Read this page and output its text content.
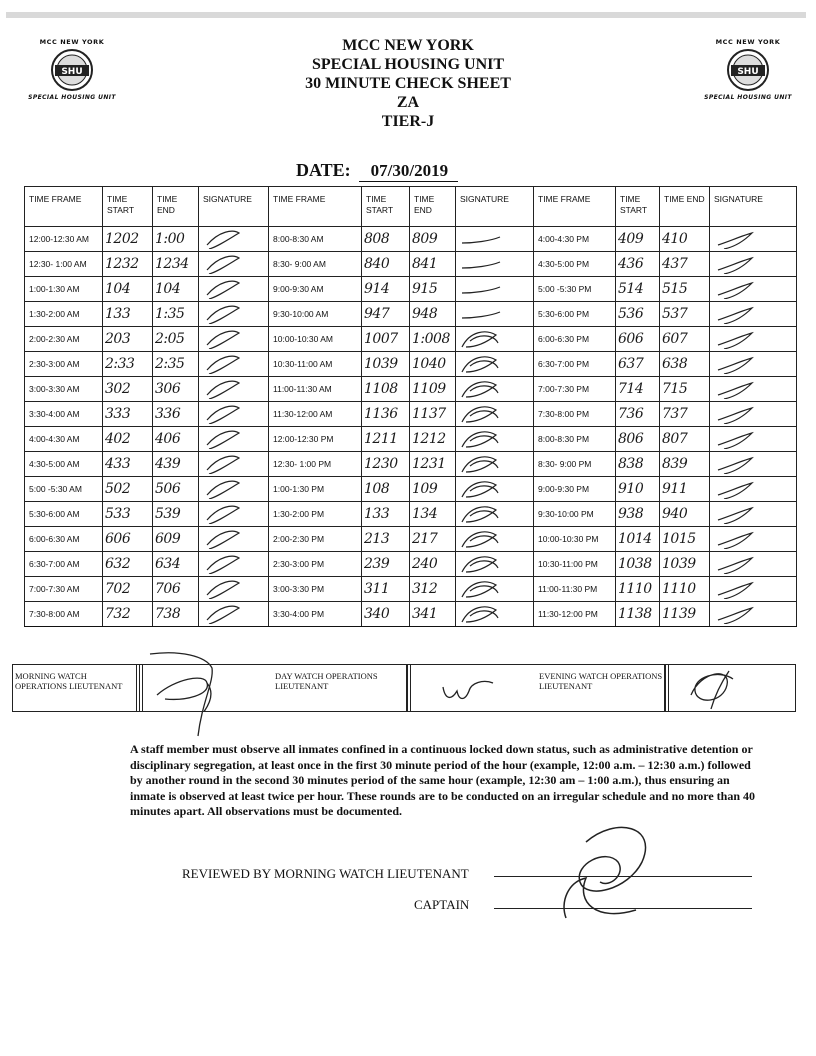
MCC NEW YORK
SHU
SPECIAL HOUSING UNIT
MCC NEW YORK
SHU
SPECIAL HOUSING UNIT
MCC NEW YORK
SPECIAL HOUSING UNIT
30 MINUTE CHECK SHEET
ZA
TIER-J
DATE: 07/30/2019
TIME FRAME	TIME START	TIME END	SIGNATURE	TIME FRAME	TIME START	TIME END	SIGNATURE	TIME FRAME	TIME START	TIME END	SIGNATURE
12:00-12:30 AM	1202	1:00		8:00-8:30 AM	808	809		4:00-4:30 PM	409	410	
12:30- 1:00 AM	1232	1234		8:30- 9:00 AM	840	841		4:30-5:00 PM	436	437	
1:00-1:30 AM	104	104		9:00-9:30 AM	914	915		5:00 -5:30 PM	514	515	
1:30-2:00 AM	133	1:35		9:30-10:00 AM	947	948		5:30-6:00 PM	536	537	
2:00-2:30 AM	203	2:05		10:00-10:30 AM	1007	1:008		6:00-6:30 PM	606	607	
2:30-3:00 AM	2:33	2:35		10:30-11:00 AM	1039	1040		6:30-7:00 PM	637	638	
3:00-3:30 AM	302	306		11:00-11:30 AM	1108	1109		7:00-7:30 PM	714	715	
3:30-4:00 AM	333	336		11:30-12:00 AM	1136	1137		7:30-8:00 PM	736	737	
4:00-4:30 AM	402	406		12:00-12:30 PM	1211	1212		8:00-8:30 PM	806	807	
4:30-5:00 AM	433	439		12:30- 1:00 PM	1230	1231		8:30- 9:00 PM	838	839	
5:00 -5:30 AM	502	506		1:00-1:30 PM	108	109		9:00-9:30 PM	910	911	
5:30-6:00 AM	533	539		1:30-2:00 PM	133	134		9:30-10:00 PM	938	940	
6:00-6:30 AM	606	609		2:00-2:30 PM	213	217		10:00-10:30 PM	1014	1015	
6:30-7:00 AM	632	634		2:30-3:00 PM	239	240		10:30-11:00 PM	1038	1039	
7:00-7:30 AM	702	706		3:00-3:30 PM	311	312		11:00-11:30 PM	1110	1110	
7:30-8:00 AM	732	738		3:30-4:00 PM	340	341		11:30-12:00 PM	1138	1139	
MORNING WATCH OPERATIONS LIEUTENANT
DAY WATCH OPERATIONS LIEUTENANT
EVENING WATCH OPERATIONS LIEUTENANT
A staff member must observe all inmates confined in a continuous locked down status, such as administrative detention or disciplinary segregation, at least once in the first 30 minute period of the hour (example, 12:00 a.m. – 12:30 a.m.) followed by another round in the second 30 minutes period of the same hour (example, 12:30 am – 1:00 a.m.), thus ensuring an inmate is observed at least twice per hour. These rounds are to be conducted on an irregular schedule and no more than 40 minutes apart. All observations must be documented.
REVIEWED BY MORNING WATCH LIEUTENANT
CAPTAIN
